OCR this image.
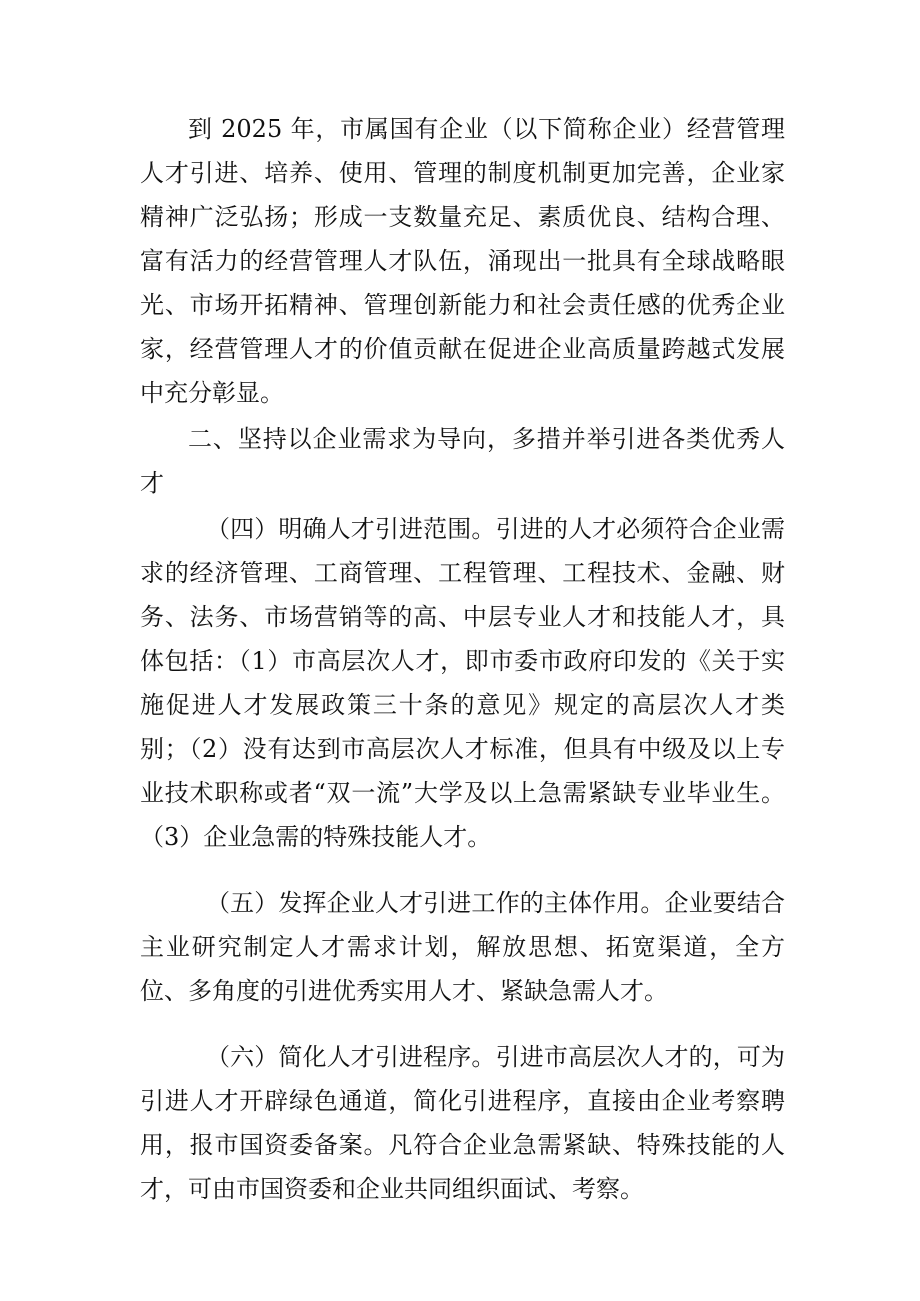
到 2025 年，市属国有企业（以下简称企业）经营管理人才引进、培养、使用、管理的制度机制更加完善，企业家精神广泛弘扬；形成一支数量充足、素质优良、结构合理、富有活力的经营管理人才队伍，涌现出一批具有全球战略眼光、市场开拓精神、管理创新能力和社会责任感的优秀企业家，经营管理人才的价值贡献在促进企业高质量跨越式发展中充分彰显。

二、坚持以企业需求为导向，多措并举引进各类优秀人才

（四）明确人才引进范围。引进的人才必须符合企业需求的经济管理、工商管理、工程管理、工程技术、金融、财务、法务、市场营销等的高、中层专业人才和技能人才，具体包括：（1）市高层次人才，即市委市政府印发的《关于实施促进人才发展政策三十条的意见》规定的高层次人才类别；（2）没有达到市高层次人才标准，但具有中级及以上专业技术职称或者“双一流”大学及以上急需紧缺专业毕业生。（3）企业急需的特殊技能人才。

（五）发挥企业人才引进工作的主体作用。企业要结合主业研究制定人才需求计划，解放思想、拓宽渠道，全方位、多角度的引进优秀实用人才、紧缺急需人才。

（六）简化人才引进程序。引进市高层次人才的，可为引进人才开辟绿色通道，简化引进程序，直接由企业考察聘用，报市国资委备案。凡符合企业急需紧缺、特殊技能的人才，可由市国资委和企业共同组织面试、考察。
